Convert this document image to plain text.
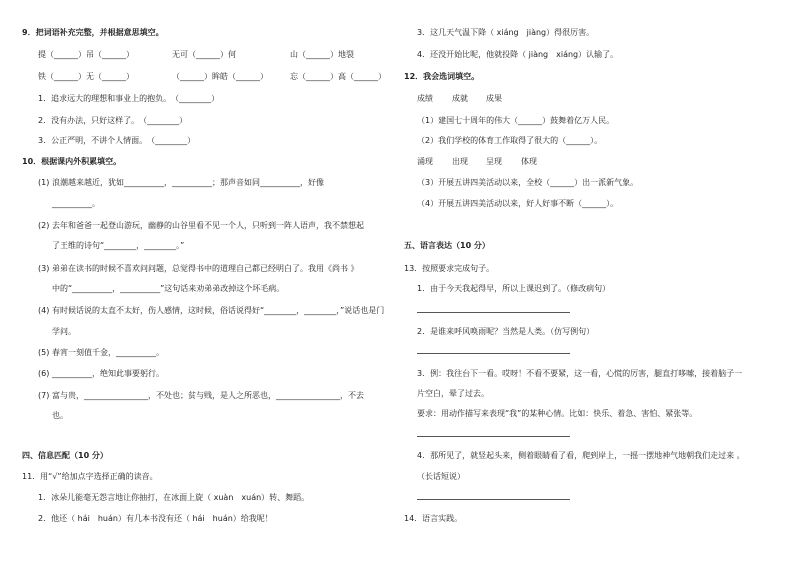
9．把词语补充完整，并根据意思填空。
提（______）吊（______）	无可（______）何	山（______）地裂
铁（______）无（______）	（______）眸皓（______）	忘（______）高（______）
1．追求远大的理想和事业上的抱负。　（________）
2．没有办法，只好这样了。　（________）
3．公正严明，不讲个人情面。　（________）
10．根据课内外积累填空。
(1) 浪潮越来越近，犹如__________，__________；那声音如同__________，好像
__________。
(2) 去年和爸爸一起登山游玩，幽静的山谷里看不见一个人，只听到一阵人语声，我不禁想起
了王维的诗句“________，________。”
(3) 弟弟在读书的时候不喜欢问问题，总觉得书中的道理自己都已经明白了。我用《尚书 》
中的“__________，__________”这句话来劝弟弟改掉这个坏毛病。
(4) 有时候话说的太直不太好，伤人感情，这时候，俗话说得好“________，________，”说话也是门
学问。
(5) 春宵一刻值千金，__________。
(6) __________，绝知此事要躬行。
(7) 富与贵，________________，不处也；贫与贱，是人之所恶也，________________，不去
也。
四、信息匹配（10 分）
11．用“√”给加点字选择正确的读音。
1．冰朵儿能毫无怨言地让你抽打，在冰面上旋（ xuàn　xuán）转、舞蹈。
2．他还（ hái　huán）有几本书没有还（ hái　huán）给我呢！
3．这几天气温下降（ xiáng　jiàng）得很厉害。
4．还没开始比呢，他就投降（ jiàng　xiáng）认输了。
12．我会选词填空。
成绩 成就 成果
（1）建国七十周年的伟大（______）鼓舞着亿万人民。
（2）我们学校的体育工作取得了很大的（______）。
涌现 出现 呈现 体现
（3）开展五讲四美活动以来，全校（______）出一派新气象。
（4）开展五讲四美活动以来，好人好事不断（______）。
五、语言表达（10 分）
13．按照要求完成句子。
1．由于今天我起得早，所以上课迟到了。（修改病句）
2．是谁来呼风唤雨呢？当然是人类。（仿写例句）
3．例：我往台下一看。哎呀！不看不要紧，这一看，心慌的厉害，腿直打哆嗦，接着脑子一
片空白，晕了过去。
要求：用动作描写来表现“我”的某种心情。比如：快乐、着急、害怕、紧张等。
4．那所见了，就竖起头来，侧着眼睛看了看，爬到岸上，一摇一摆地神气地朝我们走过来 。
（长话短说）
14．语言实践。
